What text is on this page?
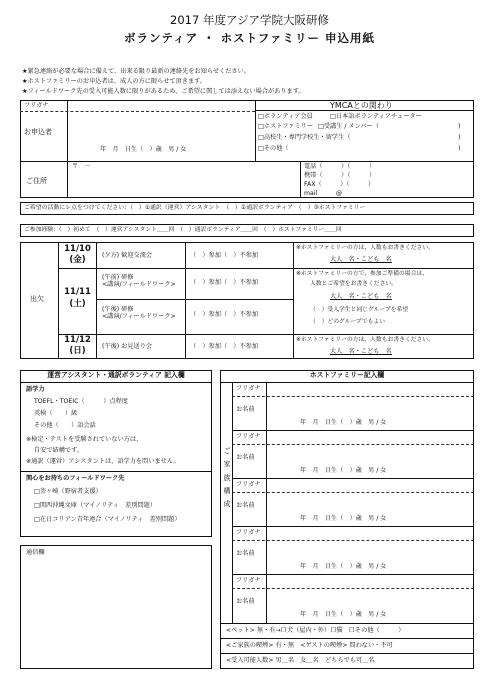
2017 年度アジア学院大阪研修
ボランティア ・ ホストファミリー 申込用紙
★緊急連絡が必要な場合に備えて、出来る限り最新の連絡先をお知らせください。
★ホストファミリーのお申込者は、成人の方に限らせて頂きます。
★フィールドワーク先の受入可能人数に限りがあるため、ご希望に関しては添えない場合があります。
フリガナ
お申込者
年　月　日生（　）歳　男 / 女
YMCAとの関わり
□ボランティア会員	□日本語ボランティアチューター
□ホストファミリー □受講生 / メンバー（
□高校生・専門学校生・留学生（
□その他（
)
)
)
ご住所
〒　－	電話（　　　）（　　　）
携帯（　　　）（　　　）
FAX（　　　）（　　　）
mail　　　@
ご希望の活動にレ点をつけてください：（　）①通訳（運営）アシスタント　（　）②通訳ボランティア　（　）③ホストファミリー
ご参加経験：（　）初めて　（　）運営アシスタント＿＿回　（　）通訳ボランティア＿＿回　（　）ホストファミリー＿＿回
出欠
11/10
(金)
11/11
(土)
11/12
(日)
(夕方) 歓迎交流会
(午前) 研修
<講演/フィールドワーク>
(午後) 研修
<講演/フィールドワーク>
(午後) お見送り会
（　）参加（　）不参加
（　）参加（　）不参加
（　）参加（　）不参加
（　）参加（　）不参加
※ホストファミリーの方は、人数もお書きください。
大人　名・こども　名
※ホストファミリーの方で、参加ご準備の場合は、
人数とご希望をお書きください。
大人　名・こども　名
（　）受入学生と同じグループを希望
（　）どのグループでもよい
※ホストファミリーの方は、人数もお書きください。
大人　名・こども　名
運営アシスタント・通訳ボランティア 記入欄
語学力
TOEFL・TOEIC（　　　）点程度
英検（　　）級
その他（　　）語会話
※検定・テストを受験されていない方は、
自安で結構です。
※通訳（運営）アシスタントは、語学力を問いません。
関心をお持ちのフィールドワーク先
□釜ヶ崎（野宿者支援）
□関西沖縄文庫（マイノリティ　差別問題）
□在日コリアン青年連合（マイノリティ　差別問題）
通信欄
ホストファミリー記入欄
ご家族構成
フリガナ
お名前
年　月　日生（　）歳　男 / 女
フリガナ
お名前
年　月　日生（　）歳　男 / 女
フリガナ
お名前
年　月　日生（　）歳　男 / 女
フリガナ
お名前
年　月　日生（　）歳　男 / 女
フリガナ
お名前
年　月　日生（　）歳　男 / 女
<ペット> 無・有→口犬（屋内・外）口猫　口その他（　　　）
<ご家族の喫煙> 有・無　<ゲストの喫煙> 問わない・不可
<受入可能人数> 男＿名　女＿名　どちらでも可＿名
